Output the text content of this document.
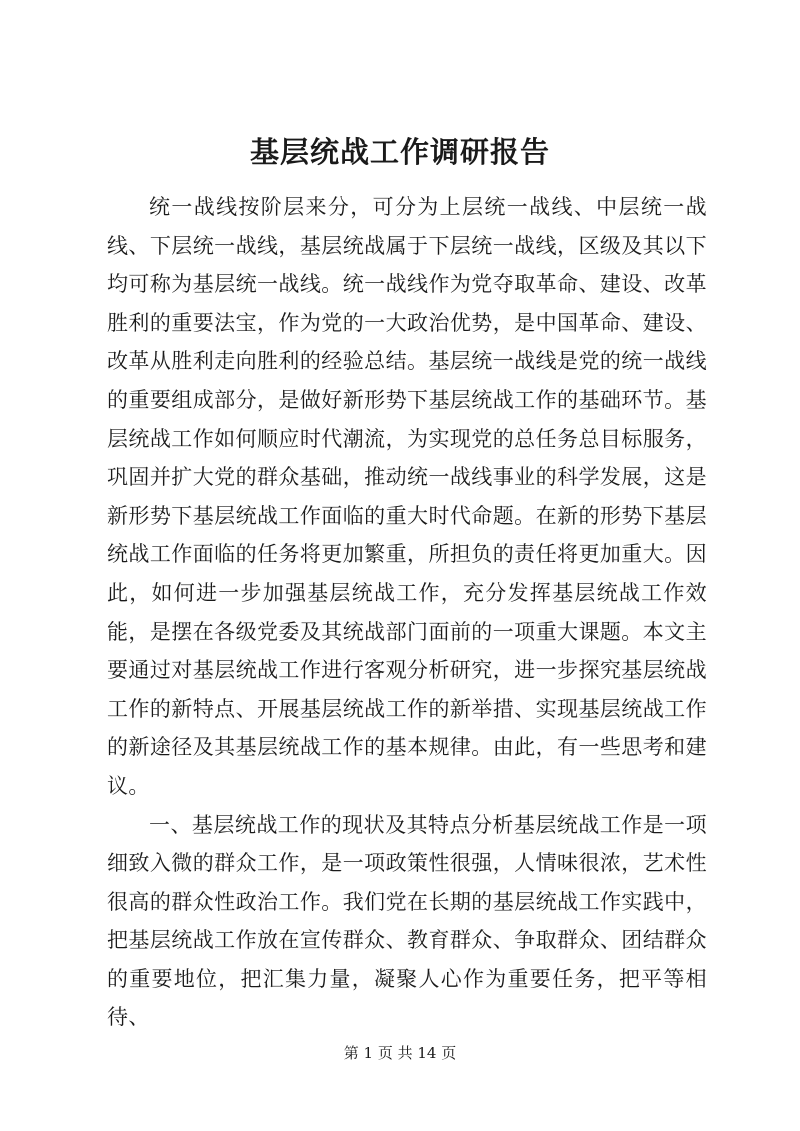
基层统战工作调研报告

统一战线按阶层来分，可分为上层统一战线、中层统一战线、下层统一战线，基层统战属于下层统一战线，区级及其以下均可称为基层统一战线。统一战线作为党夺取革命、建设、改革胜利的重要法宝，作为党的一大政治优势，是中国革命、建设、改革从胜利走向胜利的经验总结。基层统一战线是党的统一战线的重要组成部分，是做好新形势下基层统战工作的基础环节。基层统战工作如何顺应时代潮流，为实现党的总任务总目标服务，巩固并扩大党的群众基础，推动统一战线事业的科学发展，这是新形势下基层统战工作面临的重大时代命题。在新的形势下基层统战工作面临的任务将更加繁重，所担负的责任将更加重大。因此，如何进一步加强基层统战工作，充分发挥基层统战工作效能，是摆在各级党委及其统战部门面前的一项重大课题。本文主要通过对基层统战工作进行客观分析研究，进一步探究基层统战工作的新特点、开展基层统战工作的新举措、实现基层统战工作的新途径及其基层统战工作的基本规律。由此，有一些思考和建议。

一、基层统战工作的现状及其特点分析基层统战工作是一项细致入微的群众工作，是一项政策性很强，人情味很浓，艺术性很高的群众性政治工作。我们党在长期的基层统战工作实践中，把基层统战工作放在宣传群众、教育群众、争取群众、团结群众的重要地位，把汇集力量，凝聚人心作为重要任务，把平等相待、

第 1 页 共 14 页
